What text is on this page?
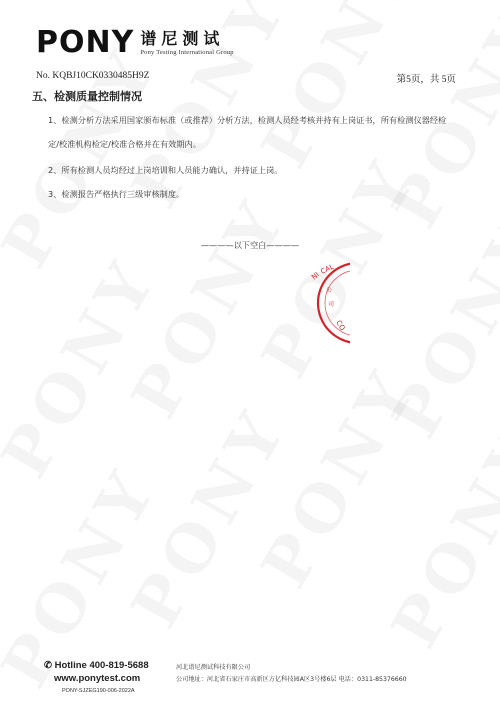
PONY 谱尼测试
Pony Testing International Group
No. KQBJ10CK0330485H9Z	第5页，共 5页
五、检测质量控制情况
1、检测分析方法采用国家颁布标准（或推荐）分析方法，检测人员经考核并持有上岗证书，所有检测仪器经检定/校准机构检定/校准合格并在有效期内。
2、所有检测人员均经过上岗培训和人员能力确认，并持证上岗。
3、检测报告严格执行三级审核制度。
————以下空白————
NI
CAL
CO
公
司
✆ Hotline 400-819-5688
www.ponytest.com
PONY-SJZEG190-006-2022A
河北谱尼测试科技有限公司
公司地址：河北省石家庄市高新区方亿科技园A区3号楼6层 电话：0311-85376660
